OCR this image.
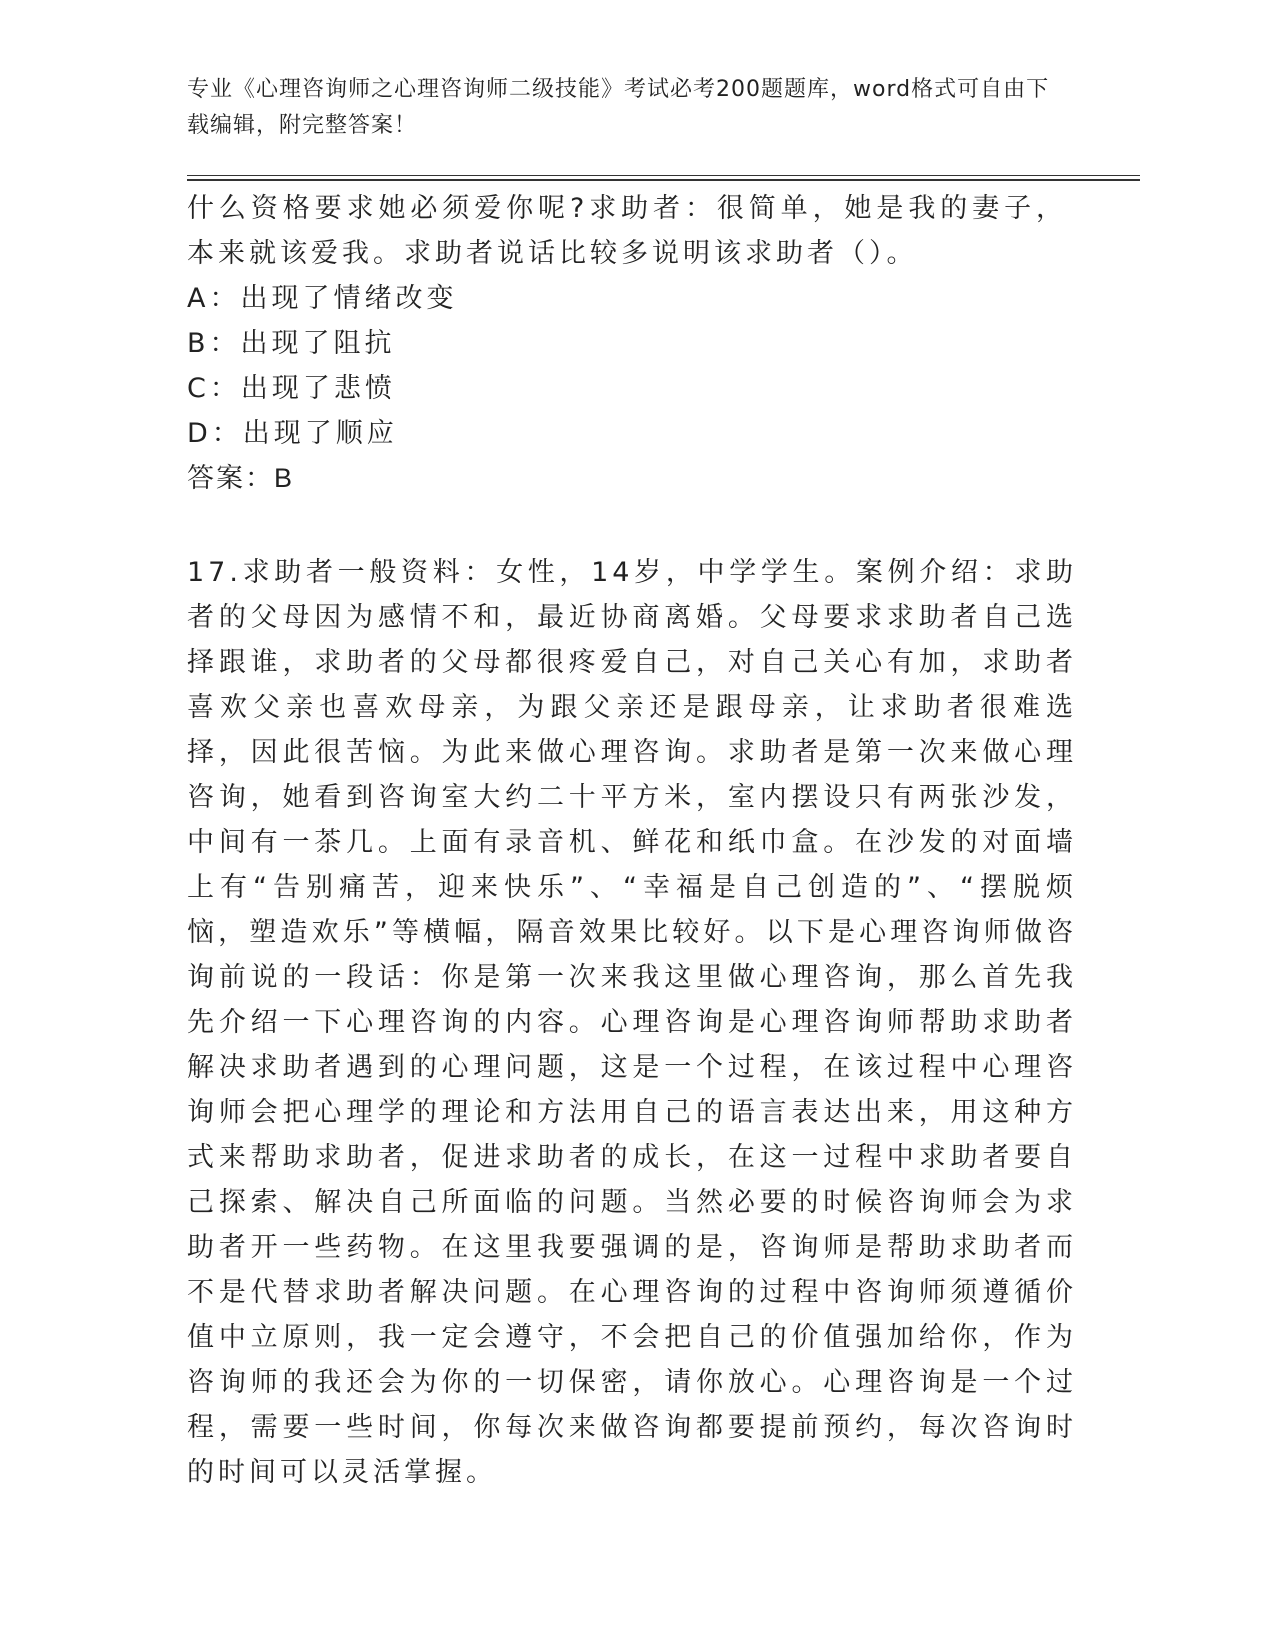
专业《心理咨询师之心理咨询师二级技能》考试必考200题题库，word格式可自由下载编辑，附完整答案！
什么资格要求她必须爱你呢?求助者：很简单，她是我的妻子，本来就该爱我。求助者说话比较多说明该求助者（）。
A：出现了情绪改变
B：出现了阻抗
C：出现了悲愤
D：出现了顺应
答案：B
17.求助者一般资料：女性，14岁，中学学生。案例介绍：求助者的父母因为感情不和，最近协商离婚。父母要求求助者自己选择跟谁，求助者的父母都很疼爱自己，对自己关心有加，求助者喜欢父亲也喜欢母亲，为跟父亲还是跟母亲，让求助者很难选择，因此很苦恼。为此来做心理咨询。求助者是第一次来做心理咨询，她看到咨询室大约二十平方米，室内摆设只有两张沙发，中间有一茶几。上面有录音机、鲜花和纸巾盒。在沙发的对面墙上有“告别痛苦，迎来快乐”、“幸福是自己创造的”、“摆脱烦恼，塑造欢乐”等横幅，隔音效果比较好。以下是心理咨询师做咨询前说的一段话：你是第一次来我这里做心理咨询，那么首先我先介绍一下心理咨询的内容。心理咨询是心理咨询师帮助求助者解决求助者遇到的心理问题，这是一个过程，在该过程中心理咨询师会把心理学的理论和方法用自己的语言表达出来，用这种方式来帮助求助者，促进求助者的成长，在这一过程中求助者要自己探索、解决自己所面临的问题。当然必要的时候咨询师会为求助者开一些药物。在这里我要强调的是，咨询师是帮助求助者而不是代替求助者解决问题。在心理咨询的过程中咨询师须遵循价值中立原则，我一定会遵守，不会把自己的价值强加给你，作为咨询师的我还会为你的一切保密，请你放心。心理咨询是一个过程，需要一些时间，你每次来做咨询都要提前预约，每次咨询时的时间可以灵活掌握。
